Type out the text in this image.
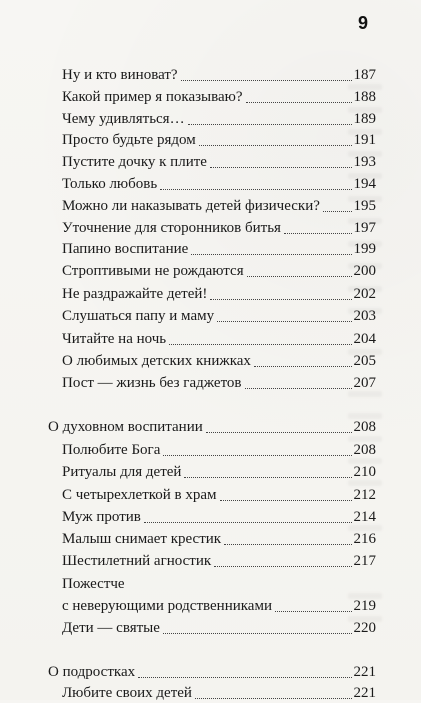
9
Ну и кто виноват?	187
Какой пример я показываю?	188
Чему удивляться…	189
Просто будьте рядом	191
Пустите дочку к плите	193
Только любовь	194
Можно ли наказывать детей физически? 195
Уточнение для сторонников битья	197
Папино воспитание	199
Строптивыми не рождаются	200
Не раздражайте детей!	202
Слушаться папу и маму	203
Читайте на ночь	204
О любимых детских книжках	205
Пост — жизнь без гаджетов	207
О духовном воспитании	208
Полюбите Бога	208
Ритуалы для детей	210
С четырехлеткой в храм	212
Муж против	214
Малыш снимает крестик	216
Шестилетний агностик	217
Пожестче
с неверующими родственниками	219
Дети — святые	220
О подростках	221
Любите своих детей	221
